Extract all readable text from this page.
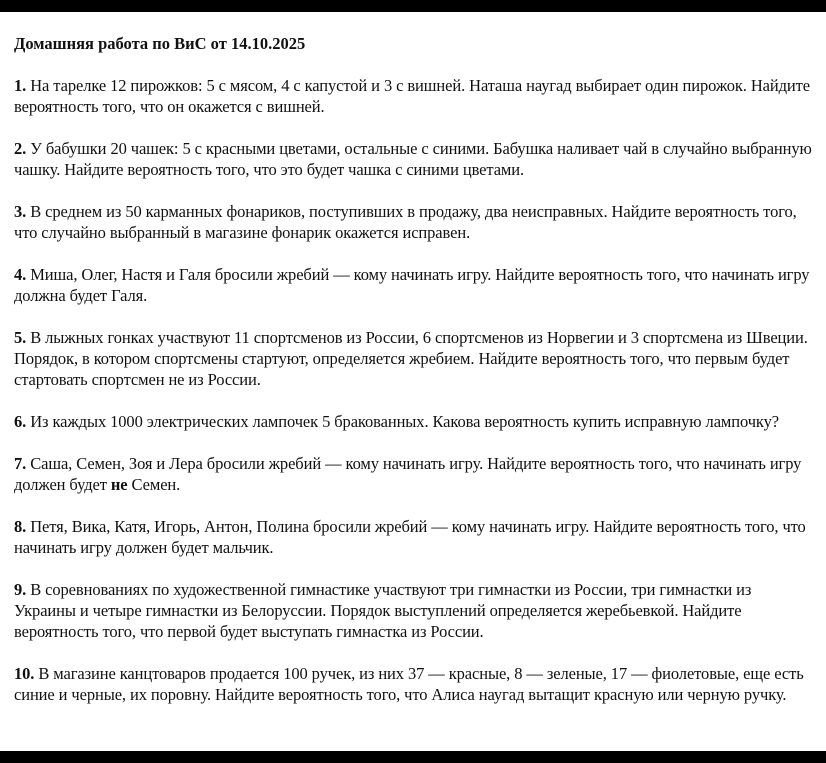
Домашняя работа по ВиС от 14.10.2025
1. На тарелке 12 пирожков: 5 с мясом, 4 с капустой и 3 с вишней. Наташа наугад выбирает один пирожок. Найдите вероятность того, что он окажется с вишней.
2. У бабушки 20 чашек: 5 с красными цветами, остальные с синими. Бабушка наливает чай в случайно выбранную чашку. Найдите вероятность того, что это будет чашка с синими цветами.
3. В среднем из 50 карманных фонариков, поступивших в продажу, два неисправных. Найдите вероятность того, что случайно выбранный в магазине фонарик окажется исправен.
4. Миша, Олег, Настя и Галя бросили жребий — кому начинать игру. Найдите вероятность того, что начинать игру должна будет Галя.
5. В лыжных гонках участвуют 11 спортсменов из России, 6 спортсменов из Норвегии и 3 спортсмена из Швеции. Порядок, в котором спортсмены стартуют, определяется жребием. Найдите вероятность того, что первым будет стартовать спортсмен не из России.
6. Из каждых 1000 электрических лампочек 5 бракованных. Какова вероятность купить исправную лампочку?
7. Саша, Семен, Зоя и Лера бросили жребий — кому начинать игру. Найдите вероятность того, что начинать игру должен будет не Семен.
8. Петя, Вика, Катя, Игорь, Антон, Полина бросили жребий — кому начинать игру. Найдите вероятность того, что начинать игру должен будет мальчик.
9. В соревнованиях по художественной гимнастике участвуют три гимнастки из России, три гимнастки из Украины и четыре гимнастки из Белоруссии. Порядок выступлений определяется жеребьевкой. Найдите вероятность того, что первой будет выступать гимнастка из России.
10. В магазине канцтоваров продается 100 ручек, из них 37 — красные, 8 — зеленые, 17 — фиолетовые, еще есть синие и черные, их поровну. Найдите вероятность того, что Алиса наугад вытащит красную или черную ручку.
